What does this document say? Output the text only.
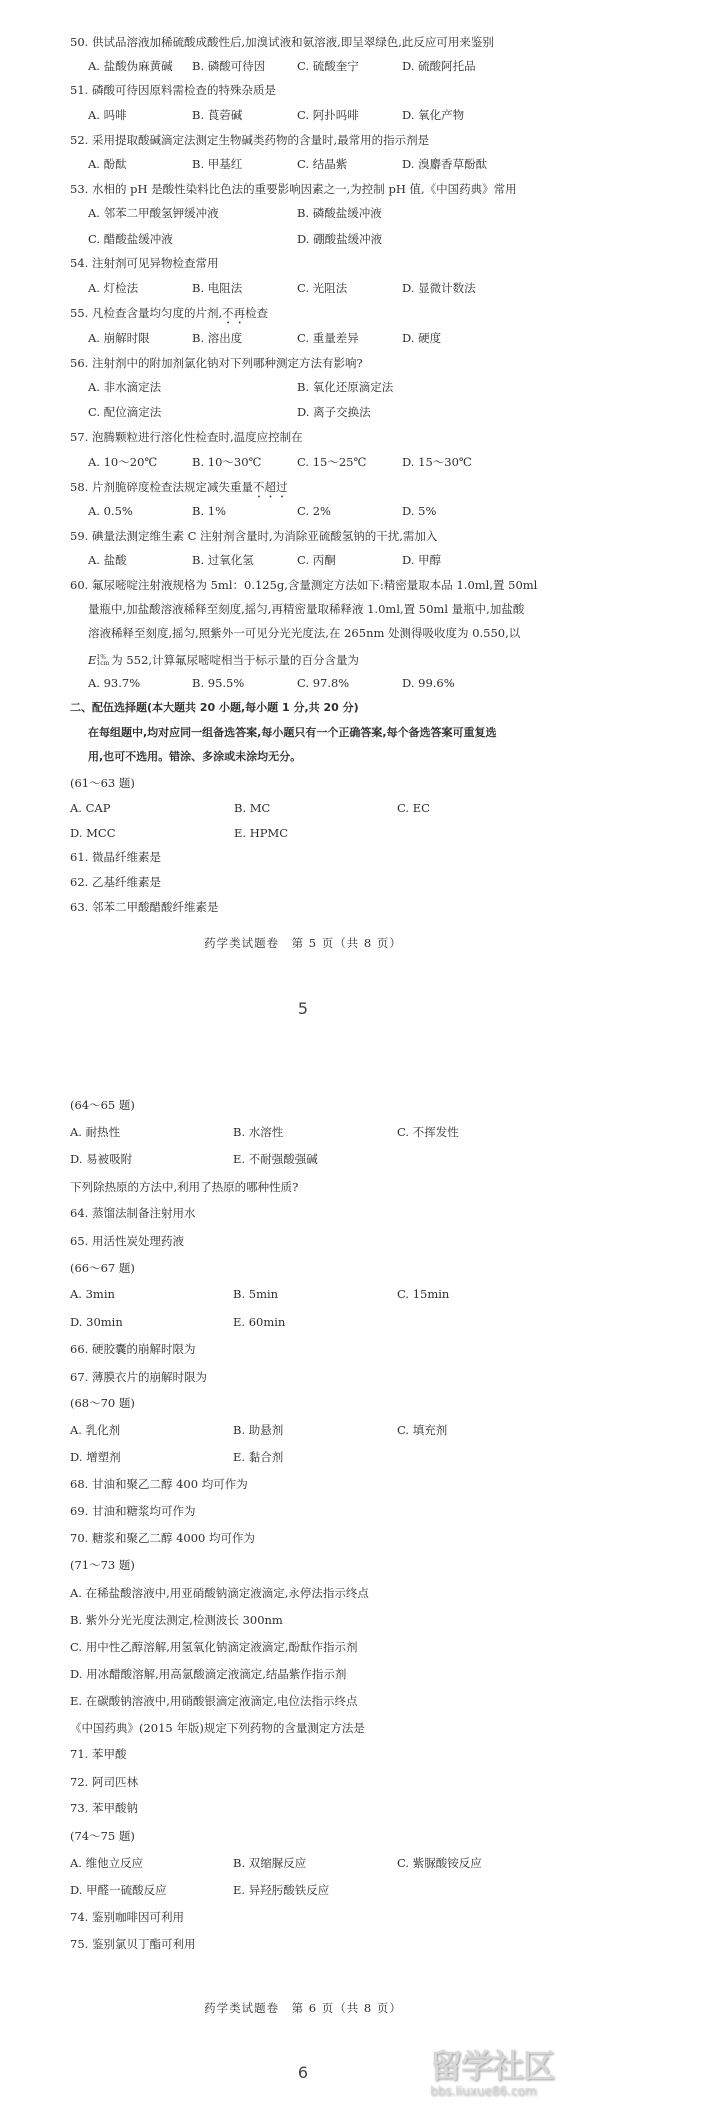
50. 供试品溶液加稀硫酸成酸性后,加溴试液和氨溶液,即呈翠绿色,此反应可用来鉴别
A. 盐酸伪麻黄碱 B. 磷酸可待因	C. 硫酸奎宁	D. 硫酸阿托品
51. 磷酸可待因原料需检查的特殊杂质是
A. 吗啡	B. 莨菪碱	C. 阿扑吗啡	D. 氧化产物
52. 采用提取酸碱滴定法测定生物碱类药物的含量时,最常用的指示剂是
A. 酚酞	B. 甲基红	C. 结晶紫	D. 溴麝香草酚酞
53. 水相的 pH 是酸性染料比色法的重要影响因素之一,为控制 pH 值,《中国药典》常用
A. 邻苯二甲酸氢钾缓冲液	B. 磷酸盐缓冲液
C. 醋酸盐缓冲液	D. 硼酸盐缓冲液
54. 注射剂可见异物检查常用
A. 灯检法	B. 电阻法	C. 光阻法	D. 显微计数法
55. 凡检查含量均匀度的片剂,不再检查
A. 崩解时限	B. 溶出度	C. 重量差异	D. 硬度
56. 注射剂中的附加剂氯化钠对下列哪种测定方法有影响?
A. 非水滴定法	B. 氧化还原滴定法
C. 配位滴定法	D. 离子交换法
57. 泡腾颗粒进行溶化性检查时,温度应控制在
A. 10～20℃	B. 10～30℃	C. 15～25℃	D. 15～30℃
58. 片剂脆碎度检查法规定减失重量不超过
A. 0.5%	B. 1%	C. 2%	D. 5%
59. 碘量法测定维生素 C 注射剂含量时,为消除亚硫酸氢钠的干扰,需加入
A. 盐酸	B. 过氧化氢	C. 丙酮	D. 甲醇
60. 氟尿嘧啶注射液规格为 5ml：0.125g,含量测定方法如下:精密量取本品 1.0ml,置 50ml
量瓶中,加盐酸溶液稀释至刻度,摇匀,再精密量取稀释液 1.0ml,置 50ml 量瓶中,加盐酸
溶液稀释至刻度,摇匀,照紫外一可见分光光度法,在 265nm 处测得吸收度为 0.550,以
E1%
1cm 为 552,计算氟尿嘧啶相当于标示量的百分含量为
A. 93.7%	B. 95.5%	C. 97.8%	D. 99.6%
二、配伍选择题(本大题共 20 小题,每小题 1 分,共 20 分)
在每组题中,均对应同一组备选答案,每小题只有一个正确答案,每个备选答案可重复选
用,也可不选用。错涂、多涂或未涂均无分。
(61～63 题)
A. CAP	B. MC	C. EC
D. MCC	E. HPMC
61. 微晶纤维素是
62. 乙基纤维素是
63. 邻苯二甲酸醋酸纤维素是
药学类试题卷　第 5 页（共 8 页）
5
(64～65 题)
A. 耐热性	B. 水溶性	C. 不挥发性
D. 易被吸附	E. 不耐强酸强碱
下列除热原的方法中,利用了热原的哪种性质?
64. 蒸馏法制备注射用水
65. 用活性炭处理药液
(66～67 题)
A. 3min	B. 5min	C. 15min
D. 30min	E. 60min
66. 硬胶囊的崩解时限为
67. 薄膜衣片的崩解时限为
(68～70 题)
A. 乳化剂	B. 助悬剂	C. 填充剂
D. 增塑剂	E. 黏合剂
68. 甘油和聚乙二醇 400 均可作为
69. 甘油和糖浆均可作为
70. 糖浆和聚乙二醇 4000 均可作为
(71～73 题)
A. 在稀盐酸溶液中,用亚硝酸钠滴定液滴定,永停法指示终点
B. 紫外分光光度法测定,检测波长 300nm
C. 用中性乙醇溶解,用氢氧化钠滴定液滴定,酚酞作指示剂
D. 用冰醋酸溶解,用高氯酸滴定液滴定,结晶紫作指示剂
E. 在碳酸钠溶液中,用硝酸银滴定液滴定,电位法指示终点
《中国药典》(2015 年版)规定下列药物的含量测定方法是
71. 苯甲酸
72. 阿司匹林
73. 苯甲酸钠
(74～75 题)
A. 维他立反应	B. 双缩脲反应	C. 紫脲酸铵反应
D. 甲醛一硫酸反应	E. 异羟肟酸铁反应
74. 鉴别咖啡因可利用
75. 鉴别氯贝丁酯可利用
药学类试题卷　第 6 页（共 8 页）
6	留学社区
bbs.liuxue86.com
